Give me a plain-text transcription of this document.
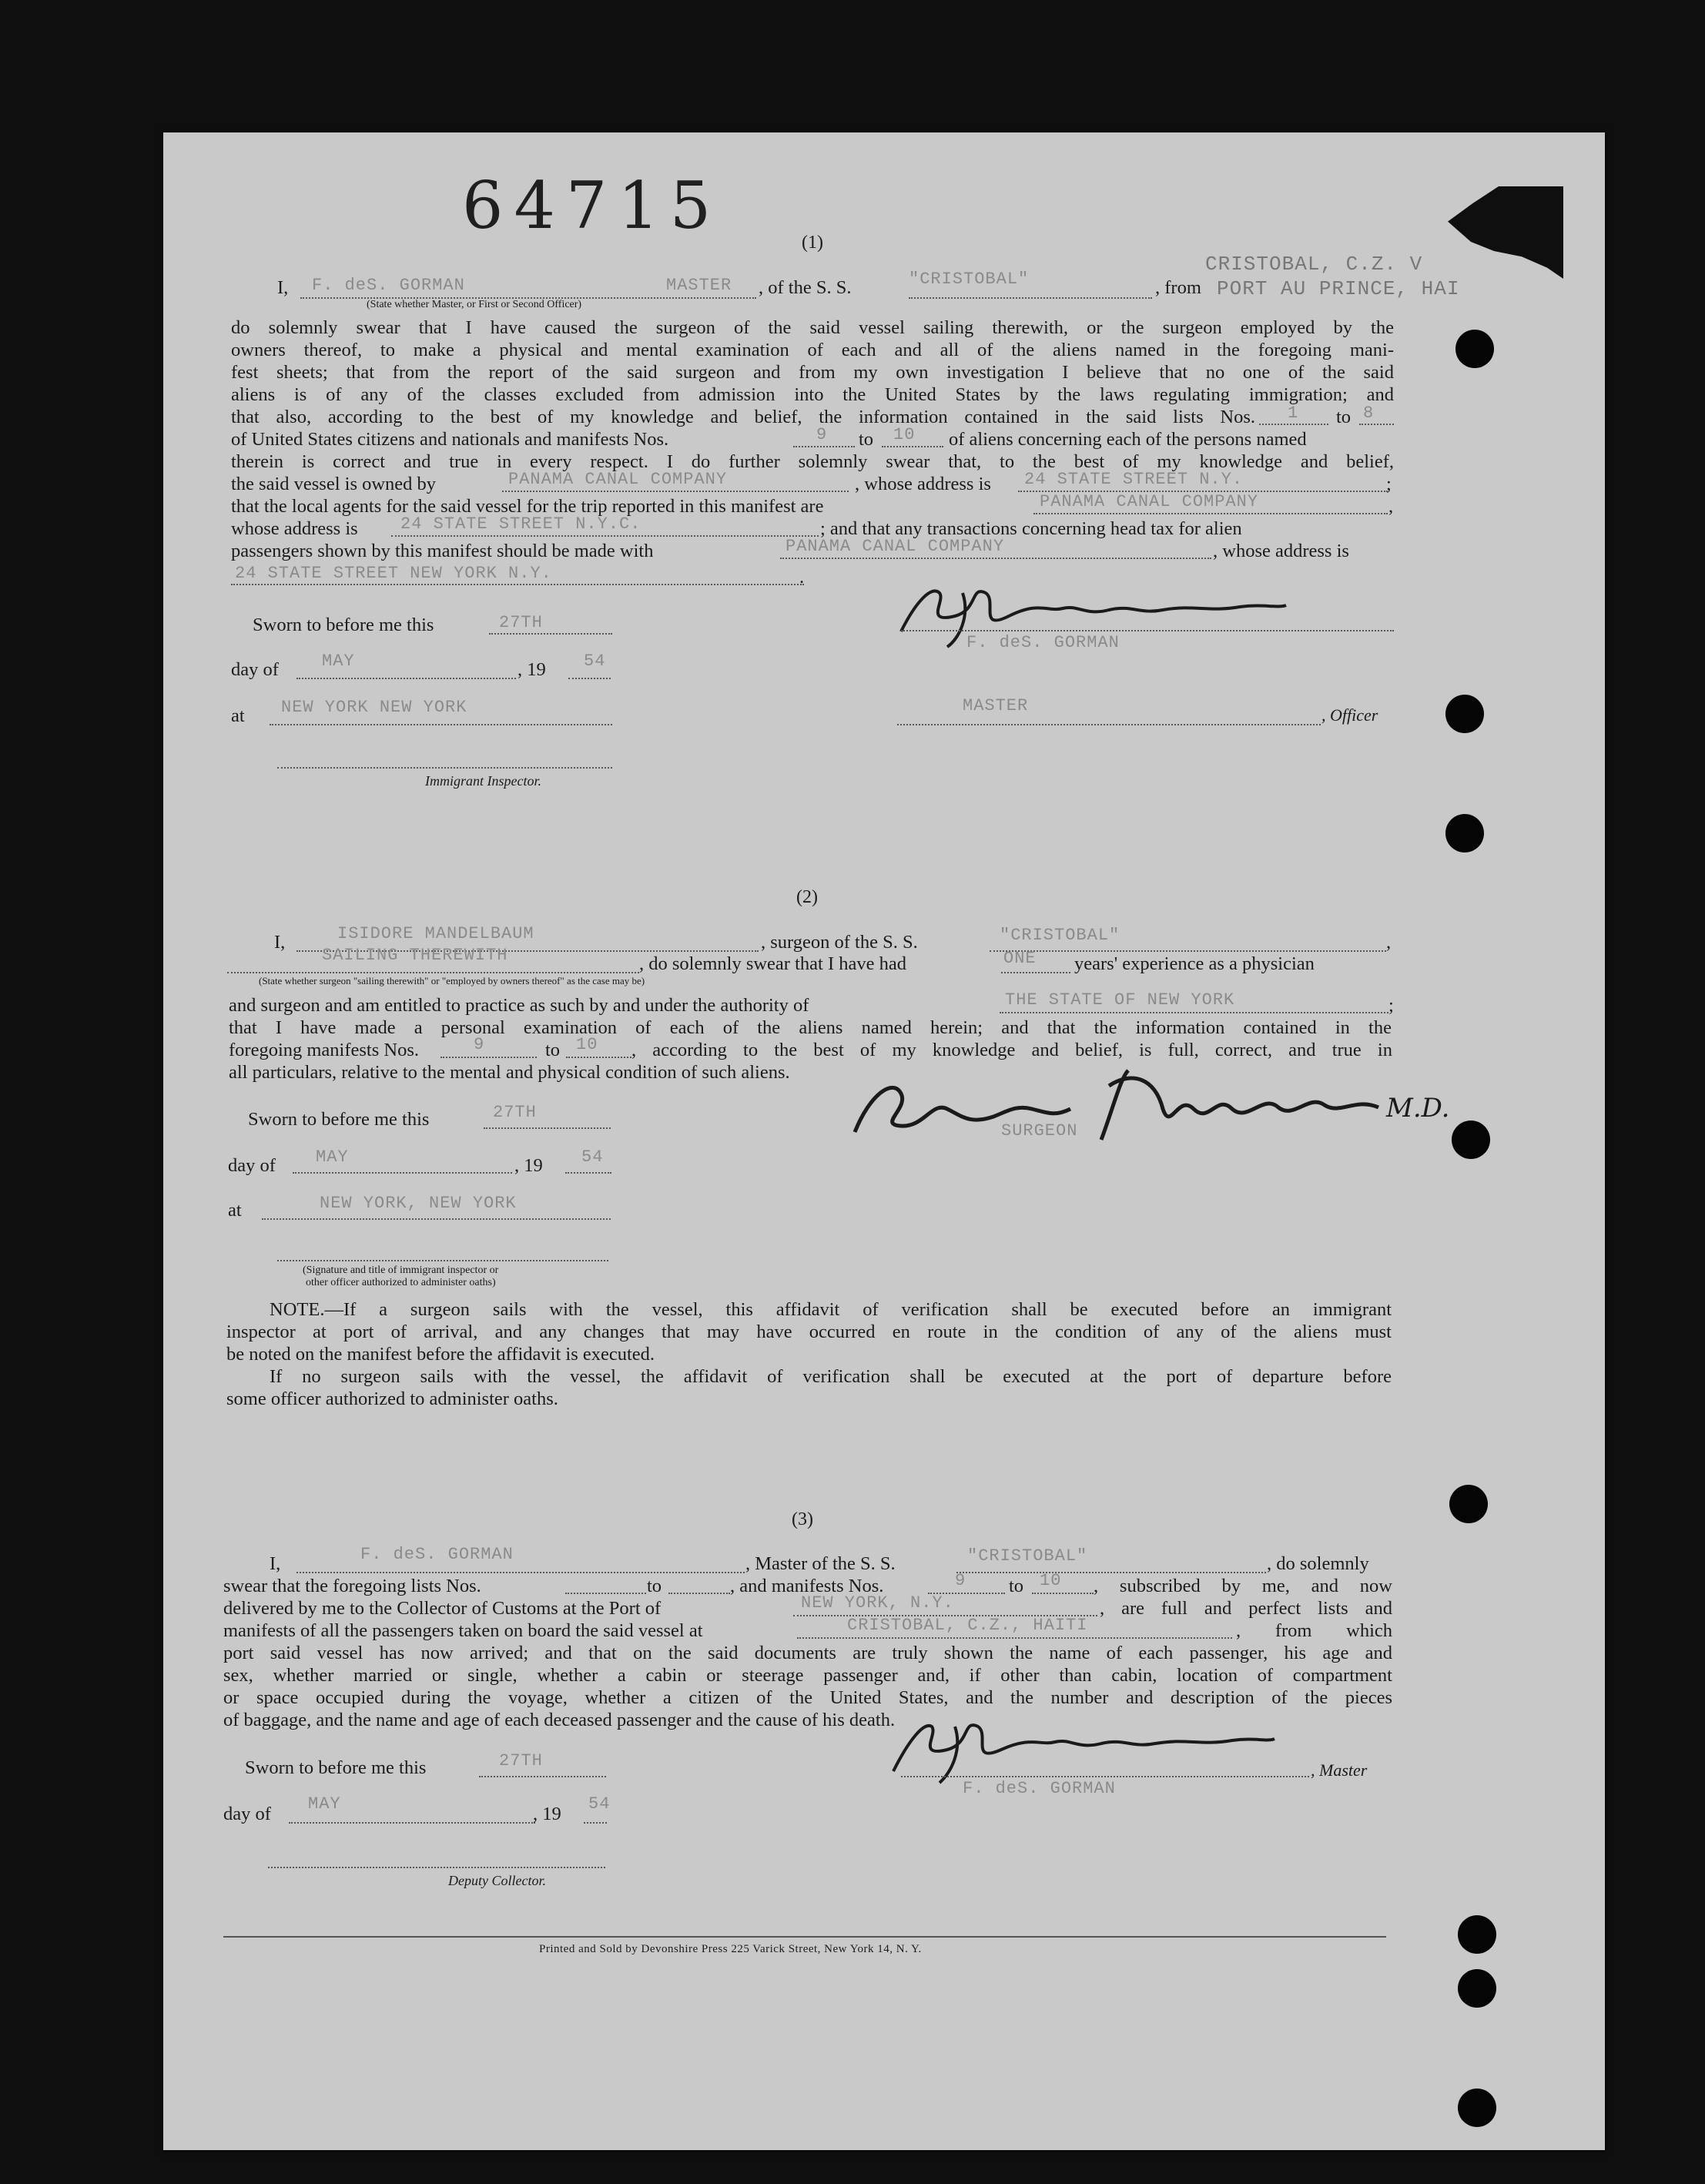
64715	(1)
I, F. deS. GORMAN	MASTER , of the S. S.	"CRISTOBAL"	, from
CRISTOBAL, C.Z. V
PORT AU PRINCE, HAI
(State whether Master, or First or Second Officer)
do solemnly swear that I have caused the surgeon of the said vessel sailing therewith, or the surgeon employed by the
owners thereof, to make a physical and mental examination of each and all of the aliens named in the foregoing mani-
fest sheets; that from the report of the said surgeon and from my own investigation I believe that no one of the said
aliens is of any of the classes excluded from admission into the United States by the laws regulating immigration; and
that also, according to the best of my knowledge and belief, the information contained in the said lists Nos. 1 to 8
of United States citizens and nationals and manifests Nos.	9 to 10 of aliens concerning each of the persons named
therein is correct and true in every respect. I do further solemnly swear that, to the best of my knowledge and belief,
the said vessel is owned by	PANAMA CANAL COMPANY	, whose address is 24 STATE STREET N.Y.	;
that the local agents for the said vessel for the trip reported in this manifest are	PANAMA CANAL COMPANY	,
whose address is	24 STATE STREET N.Y.C.	; and that any transactions concerning head tax for alien
passengers shown by this manifest should be made with	PANAMA CANAL COMPANY	, whose address is
24 STATE STREET NEW YORK N.Y.	.
F. deS. GORMAN
Sworn to before me this	27TH
day of	MAY	, 19 54
at NEW YORK NEW YORK	MASTER	, Officer
Immigrant Inspector.
(2)
I,	ISIDORE MANDELBAUM	, surgeon of the S. S.	"CRISTOBAL"	,
SAILING THEREWITH	, do solemnly swear that I have had	ONE years' experience as a physician
(State whether surgeon "sailing therewith" or "employed by owners thereof" as the case may be)
and surgeon and am entitled to practice as such by and under the authority of	THE STATE OF NEW YORK	;
that I have made a personal examination of each of the aliens named herein; and that the information contained in the
foregoing manifests Nos.	9	to 10 , according to the best of my knowledge and belief, is full, correct, and true in
all particulars, relative to the mental and physical condition of such aliens.
M.D.
SURGEON
Sworn to before me this	27TH
day of MAY	, 19 54
at	NEW YORK, NEW YORK
(Signature and title of immigrant inspector or
other officer authorized to administer oaths)
NOTE.—If a surgeon sails with the vessel, this affidavit of verification shall be executed before an immigrant
inspector at port of arrival, and any changes that may have occurred en route in the condition of any of the aliens must
be noted on the manifest before the affidavit is executed.
If no surgeon sails with the vessel, the affidavit of verification shall be executed at the port of departure before
some officer authorized to administer oaths.
(3)
I,	F. deS. GORMAN	, Master of the S. S.	"CRISTOBAL"	, do solemnly
swear that the foregoing lists Nos.	to	, and manifests Nos.	9 to 10 , subscribed by me, and now
delivered by me to the Collector of Customs at the Port of	NEW YORK, N.Y.	, are full and perfect lists and
manifests of all the passengers taken on board the said vessel at	CRISTOBAL, C.Z., HAITI	, from which
port said vessel has now arrived; and that on the said documents are truly shown the name of each passenger, his age and
sex, whether married or single, whether a cabin or steerage passenger and, if other than cabin, location of compartment
or space occupied during the voyage, whether a citizen of the United States, and the number and description of the pieces
of baggage, and the name and age of each deceased passenger and the cause of his death.
, Master
F. deS. GORMAN
Sworn to before me this	27TH
day of MAY	, 19 54
Deputy Collector.
Printed and Sold by Devonshire Press 225 Varick Street, New York 14, N. Y.
